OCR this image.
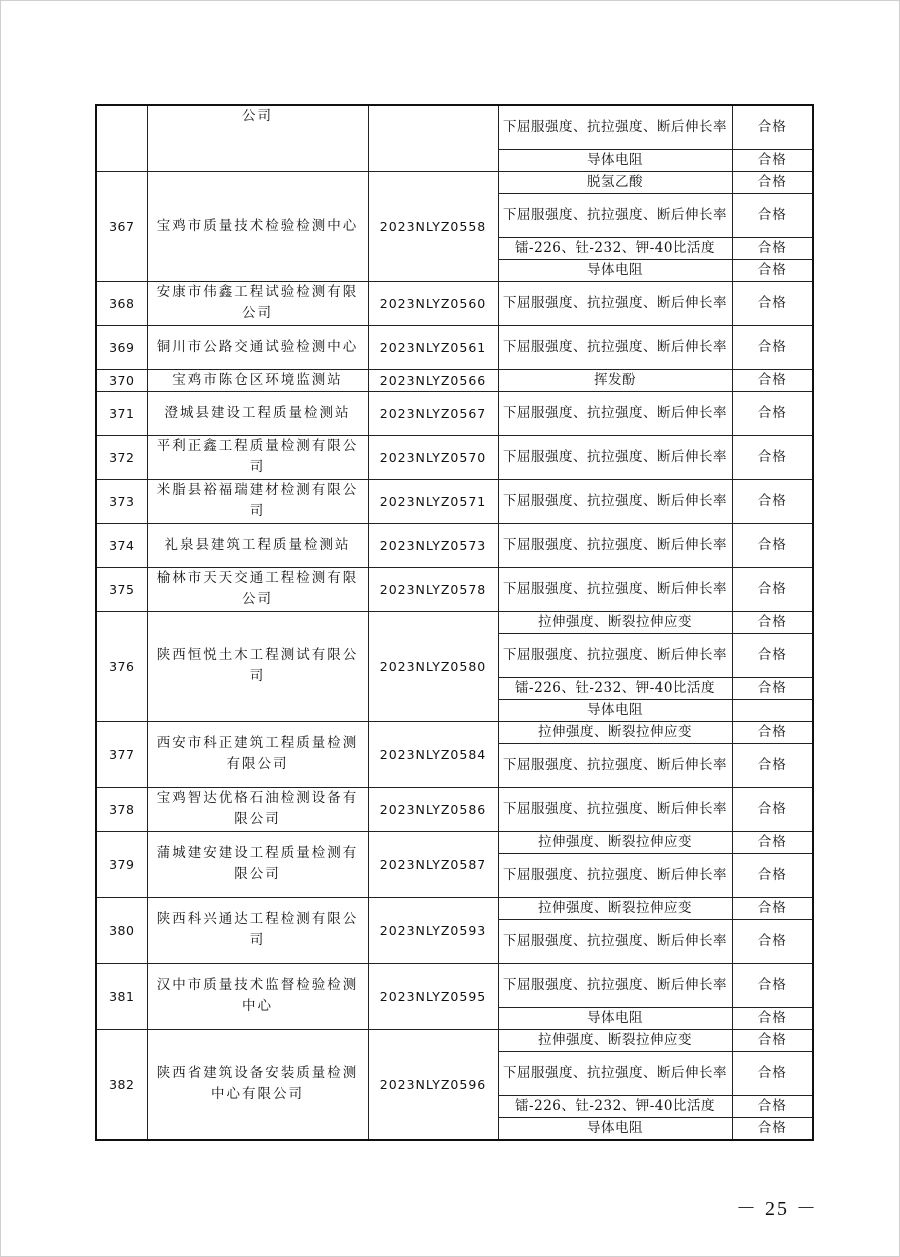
	公司		下屈服强度、抗拉强度、断后伸长率	合格
			导体电阻	合格
367	宝鸡市质量技术检验检测中心	2023NLYZ0558	脱氢乙酸	合格
			下屈服强度、抗拉强度、断后伸长率	合格
			镭-226、钍-232、钾-40比活度	合格
			导体电阻	合格
368	安康市伟鑫工程试验检测有限公司	2023NLYZ0560	下屈服强度、抗拉强度、断后伸长率	合格
369	铜川市公路交通试验检测中心	2023NLYZ0561	下屈服强度、抗拉强度、断后伸长率	合格
370	宝鸡市陈仓区环境监测站	2023NLYZ0566	挥发酚	合格
371	澄城县建设工程质量检测站	2023NLYZ0567	下屈服强度、抗拉强度、断后伸长率	合格
372	平利正鑫工程质量检测有限公司	2023NLYZ0570	下屈服强度、抗拉强度、断后伸长率	合格
373	米脂县裕福瑞建材检测有限公司	2023NLYZ0571	下屈服强度、抗拉强度、断后伸长率	合格
374	礼泉县建筑工程质量检测站	2023NLYZ0573	下屈服强度、抗拉强度、断后伸长率	合格
375	榆林市天天交通工程检测有限公司	2023NLYZ0578	下屈服强度、抗拉强度、断后伸长率	合格
376	陕西恒悦土木工程测试有限公司	2023NLYZ0580	拉伸强度、断裂拉伸应变	合格
			下屈服强度、抗拉强度、断后伸长率	合格
			镭-226、钍-232、钾-40比活度	合格
			导体电阻	
377	西安市科正建筑工程质量检测有限公司	2023NLYZ0584	拉伸强度、断裂拉伸应变	合格
			下屈服强度、抗拉强度、断后伸长率	合格
378	宝鸡智达优格石油检测设备有限公司	2023NLYZ0586	下屈服强度、抗拉强度、断后伸长率	合格
379	蒲城建安建设工程质量检测有限公司	2023NLYZ0587	拉伸强度、断裂拉伸应变	合格
			下屈服强度、抗拉强度、断后伸长率	合格
380	陕西科兴通达工程检测有限公司	2023NLYZ0593	拉伸强度、断裂拉伸应变	合格
			下屈服强度、抗拉强度、断后伸长率	合格
381	汉中市质量技术监督检验检测中心	2023NLYZ0595	下屈服强度、抗拉强度、断后伸长率	合格
			导体电阻	合格
382	陕西省建筑设备安装质量检测中心有限公司	2023NLYZ0596	拉伸强度、断裂拉伸应变	合格
			下屈服强度、抗拉强度、断后伸长率	合格
			镭-226、钍-232、钾-40比活度	合格
			导体电阻	合格
－ 25 －
